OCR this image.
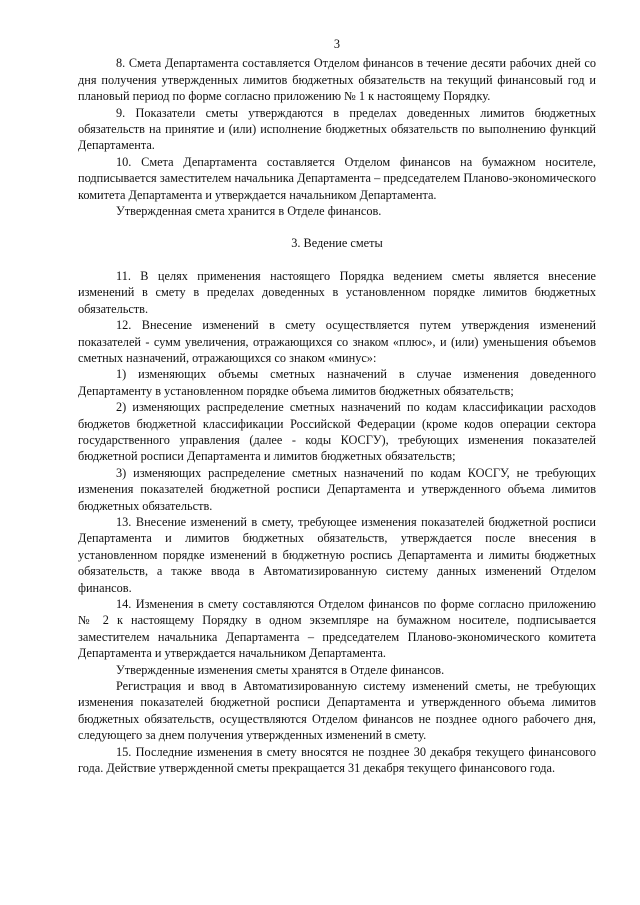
3

8. Смета Департамента составляется Отделом финансов в течение десяти рабочих дней со дня получения утвержденных лимитов бюджетных обязательств на текущий финансовый год и плановый период по форме согласно приложению № 1 к настоящему Порядку.

9. Показатели сметы утверждаются в пределах доведенных лимитов бюджетных обязательств на принятие и (или) исполнение бюджетных обязательств по выполнению функций Департамента.

10. Смета Департамента составляется Отделом финансов на бумажном носителе, подписывается заместителем начальника Департамента – председателем Планово-экономического комитета Департамента и утверждается начальником Департамента.

Утвержденная смета хранится в Отделе финансов.

3. Ведение сметы

11. В целях применения настоящего Порядка ведением сметы является внесение изменений в смету в пределах доведенных в установленном порядке лимитов бюджетных обязательств.

12. Внесение изменений в смету осуществляется путем утверждения изменений показателей - сумм увеличения, отражающихся со знаком «плюс», и (или) уменьшения объемов сметных назначений, отражающихся со знаком «минус»:

1) изменяющих объемы сметных назначений в случае изменения доведенного Департаменту в установленном порядке объема лимитов бюджетных обязательств;

2) изменяющих распределение сметных назначений по кодам классификации расходов бюджетов бюджетной классификации Российской Федерации (кроме кодов операции сектора государственного управления (далее - коды КОСГУ), требующих изменения показателей бюджетной росписи Департамента и лимитов бюджетных обязательств;

3) изменяющих распределение сметных назначений по кодам КОСГУ, не требующих изменения показателей бюджетной росписи Департамента и утвержденного объема лимитов бюджетных обязательств.

13. Внесение изменений в смету, требующее изменения показателей бюджетной росписи Департамента и лимитов бюджетных обязательств, утверждается после внесения в установленном порядке изменений в бюджетную роспись Департамента и лимиты бюджетных обязательств, а также ввода в Автоматизированную систему данных изменений Отделом финансов.

14. Изменения в смету составляются Отделом финансов по форме согласно приложению № 2 к настоящему Порядку в одном экземпляре на бумажном носителе, подписывается заместителем начальника Департамента – председателем Планово-экономического комитета Департамента и утверждается начальником Департамента.

Утвержденные изменения сметы хранятся в Отделе финансов.

Регистрация и ввод в Автоматизированную систему изменений сметы, не требующих изменения показателей бюджетной росписи Департамента и утвержденного объема лимитов бюджетных обязательств, осуществляются Отделом финансов не позднее одного рабочего дня, следующего за днем получения утвержденных изменений в смету.

15. Последние изменения в смету вносятся не позднее 30 декабря текущего финансового года. Действие утвержденной сметы прекращается 31 декабря текущего финансового года.
